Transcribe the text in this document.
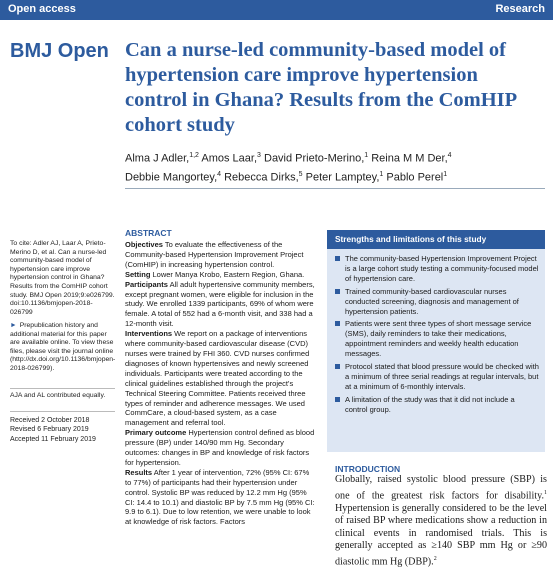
Open access	Research
BMJ Open Can a nurse-led community-based model of hypertension care improve hypertension control in Ghana? Results from the ComHIP cohort study
Alma J Adler,$^{1,2}$ Amos Laar,$^3$ David Prieto-Merino,$^1$ Reina M M Der,$^4$
Debbie Mangortey,$^4$ Rebecca Dirks,$^5$ Peter Lamptey,$^1$ Pablo Perel$^1$
To cite: Adler AJ, Laar A, Prieto-Merino D, et al. Can a nurse-led community-based model of hypertension care improve hypertension control in Ghana? Results from the ComHIP cohort study. BMJ Open 2019;9:e026799. doi:10.1136/bmjopen-2018-026799
► Prepublication history and additional material for this paper are available online. To view these files, please visit the journal online (http://dx.doi.org/10.1136/bmjopen-2018-026799).
AJA and AL contributed equally.
Received 2 October 2018
Revised 6 February 2019
Accepted 11 February 2019
ABSTRACT

Objectives To evaluate the effectiveness of the Community-based Hypertension Improvement Project (ComHIP) in increasing hypertension control.

Setting Lower Manya Krobo, Eastern Region, Ghana.

Participants All adult hypertensive community members, except pregnant women, were eligible for inclusion in the study. We enrolled 1339 participants, 69% of whom were female. A total of 552 had a 6-month visit, and 338 had a 12-month visit.

Interventions We report on a package of interventions where community-based cardiovascular disease (CVD) nurses were trained by FHI 360. CVD nurses confirmed diagnoses of known hypertensives and newly screened individuals. Participants were treated according to the clinical guidelines established through the project's Technical Steering Committee. Patients received three types of reminder and adherence messages. We used CommCare, a cloud-based system, as a case management and referral tool.

Primary outcome Hypertension control defined as blood pressure (BP) under 140/90 mm Hg. Secondary outcomes: changes in BP and knowledge of risk factors for hypertension.

Results After 1 year of intervention, 72% (95% CI: 67% to 77%) of participants had their hypertension under control. Systolic BP was reduced by 12.2 mm Hg (95% CI: 14.4 to 10.1) and diastolic BP by 7.5 mm Hg (95% CI: 9.9 to 6.1). Due to low retention, we were unable to look at knowledge of risk factors. Factors

Strengths and limitations of this study
The community-based Hypertension Improvement Project is a large cohort study testing a community-focused model of hypertension care.
Trained community-based cardiovascular nurses conducted screening, diagnosis and management of hypertension patients.
Patients were sent three types of short message service (SMS), daily reminders to take their medications, appointment reminders and weekly health education messages.
Protocol stated that blood pressure would be checked with a minimum of three serial readings at regular intervals, but at a minimum of 6-monthly intervals.
A limitation of the study was that it did not include a control group.
INTRODUCTION
Globally, raised systolic blood pressure (SBP) is one of the greatest risk factors for disability.$^1$ Hypertension is generally considered to be the level of raised BP where medications show a reduction in clinical events in randomised trials. This is generally accepted as ≥140 SBP mm Hg or ≥90 diastolic mm Hg (DBP).$^2$
